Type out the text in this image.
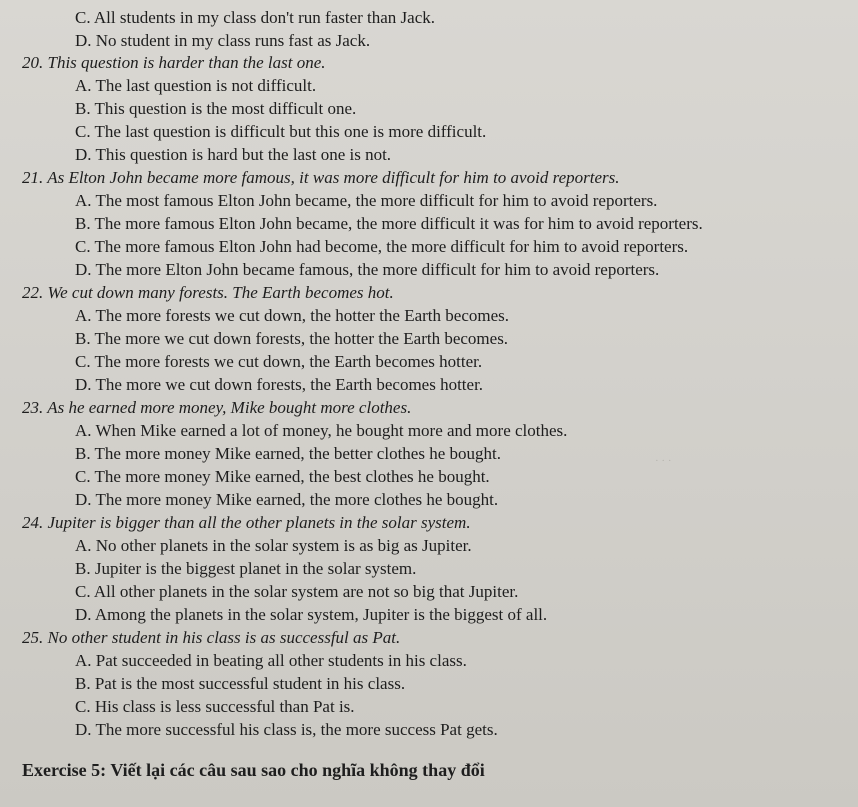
· · ·
C. All students in my class don't run faster than Jack.
D. No student in my class runs fast as Jack.
20. This question is harder than the last one.
A. The last question is not difficult.
B. This question is the most difficult one.
C. The last question is difficult but this one is more difficult.
D. This question is hard but the last one is not.
21. As Elton John became more famous, it was more difficult for him to avoid reporters.
A. The most famous Elton John became, the more difficult for him to avoid reporters.
B. The more famous Elton John became, the more difficult it was for him to avoid reporters.
C. The more famous Elton John had become, the more difficult for him to avoid reporters.
D. The more Elton John became famous, the more difficult for him to avoid reporters.
22. We cut down many forests. The Earth becomes hot.
A. The more forests we cut down, the hotter the Earth becomes.
B. The more we cut down forests, the hotter the Earth becomes.
C. The more forests we cut down, the Earth becomes hotter.
D. The more we cut down forests, the Earth becomes hotter.
23. As he earned more money, Mike bought more clothes.
A. When Mike earned a lot of money, he bought more and more clothes.
B. The more money Mike earned, the better clothes he bought.
C. The more money Mike earned, the best clothes he bought.
D. The more money Mike earned, the more clothes he bought.
24. Jupiter is bigger than all the other planets in the solar system.
A. No other planets in the solar system is as big as Jupiter.
B. Jupiter is the biggest planet in the solar system.
C. All other planets in the solar system are not so big that Jupiter.
D. Among the planets in the solar system, Jupiter is the biggest of all.
25. No other student in his class is as successful as Pat.
A. Pat succeeded in beating all other students in his class.
B. Pat is the most successful student in his class.
C. His class is less successful than Pat is.
D. The more successful his class is, the more success Pat gets.
Exercise 5: Viết lại các câu sau sao cho nghĩa không thay đổi
